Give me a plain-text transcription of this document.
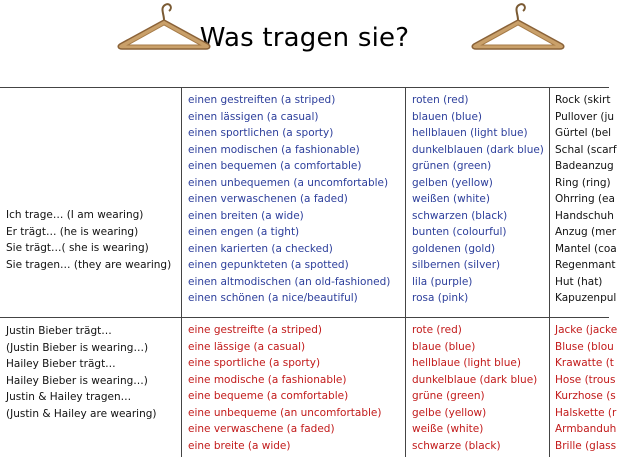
Was tragen sie?
Ich trage… (I am wearing)
Er trägt… (he is wearing)
Sie trägt…( she is wearing)
Sie tragen… (they are wearing)
Justin Bieber trägt…
(Justin Bieber is wearing…)
Hailey Bieber trägt…
Hailey Bieber is wearing…)
Justin & Hailey tragen…
(Justin & Hailey are wearing)
einen gestreiften (a striped)
einen lässigen (a casual)
einen sportlichen (a sporty)
einen modischen (a fashionable)
einen bequemen (a comfortable)
einen unbequemen (a uncomfortable)
einen verwaschenen (a faded)
einen breiten (a wide)
einen engen (a tight)
einen karierten (a checked)
einen gepunkteten (a spotted)
einen altmodischen (an old-fashioned)
einen schönen (a nice/beautiful)
roten (red)
blauen (blue)
hellblauen (light blue)
dunkelblauen (dark blue)
grünen (green)
gelben (yellow)
weißen (white)
schwarzen (black)
bunten (colourful)
goldenen (gold)
silbernen (silver)
lila (purple)
rosa (pink)
Rock (skirt
Pullover (ju
Gürtel (bel
Schal (scarf
Badeanzug
Ring (ring)
Ohrring (ea
Handschuh
Anzug (mer
Mantel (coa
Regenmant
Hut (hat)
Kapuzenpul
eine gestreifte (a striped)
eine lässige (a casual)
eine sportliche (a sporty)
eine modische (a fashionable)
eine bequeme (a comfortable)
eine unbequeme (an uncomfortable)
eine verwaschene (a faded)
eine breite (a wide)
rote (red)
blaue (blue)
hellblaue (light blue)
dunkelblaue (dark blue)
grüne (green)
gelbe (yellow)
weiße (white)
schwarze (black)
Jacke (jacke
Bluse (blou
Krawatte (t
Hose (trous
Kurzhose (s
Halskette (r
Armbanduh
Brille (glass
